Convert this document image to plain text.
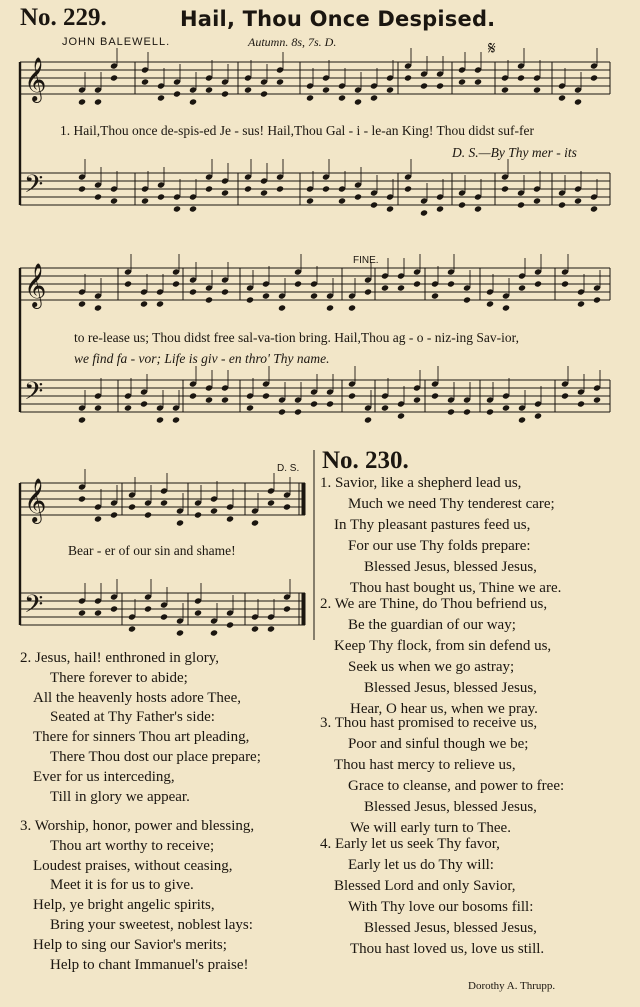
No. 229.	Hail, Thou Once Despised.
JOHN BALEWELL.	Autumn. 8s, 7s. D.	𝄋
𝄞
𝄢
𝄞
𝄢
𝄞
𝄢
1. Hail,Thou once de-spis-ed Je - sus! Hail,Thou Gal - i - le-an King! Thou didst suf-fer
D. S.—By Thy mer - its
FINE.
to re-lease us; Thou didst free sal-va-tion bring. Hail,Thou ag - o - niz-ing Sav-ior,
we find fa - vor; Life is giv - en thro' Thy name.
D. S.
Bear - er of our sin and shame!
2. Jesus, hail! enthroned in glory,
There forever to abide;
All the heavenly hosts adore Thee,
Seated at Thy Father's side:
There for sinners Thou art pleading,
There Thou dost our place prepare;
Ever for us interceding,
Till in glory we appear.
3. Worship, honor, power and blessing,
Thou art worthy to receive;
Loudest praises, without ceasing,
Meet it is for us to give.
Help, ye bright angelic spirits,
Bring your sweetest, noblest lays:
Help to sing our Savior's merits;
Help to chant Immanuel's praise!
No. 230.
1. Savior, like a shepherd lead us,
Much we need Thy tenderest care;
In Thy pleasant pastures feed us,
For our use Thy folds prepare:
Blessed Jesus, blessed Jesus,
Thou hast bought us, Thine we are.
2. We are Thine, do Thou befriend us,
Be the guardian of our way;
Keep Thy flock, from sin defend us,
Seek us when we go astray;
Blessed Jesus, blessed Jesus,
Hear, O hear us, when we pray.
3. Thou hast promised to receive us,
Poor and sinful though we be;
Thou hast mercy to relieve us,
Grace to cleanse, and power to free:
Blessed Jesus, blessed Jesus,
We will early turn to Thee.
4. Early let us seek Thy favor,
Early let us do Thy will:
Blessed Lord and only Savior,
With Thy love our bosoms fill:
Blessed Jesus, blessed Jesus,
Thou hast loved us, love us still.
Dorothy A. Thrupp.
